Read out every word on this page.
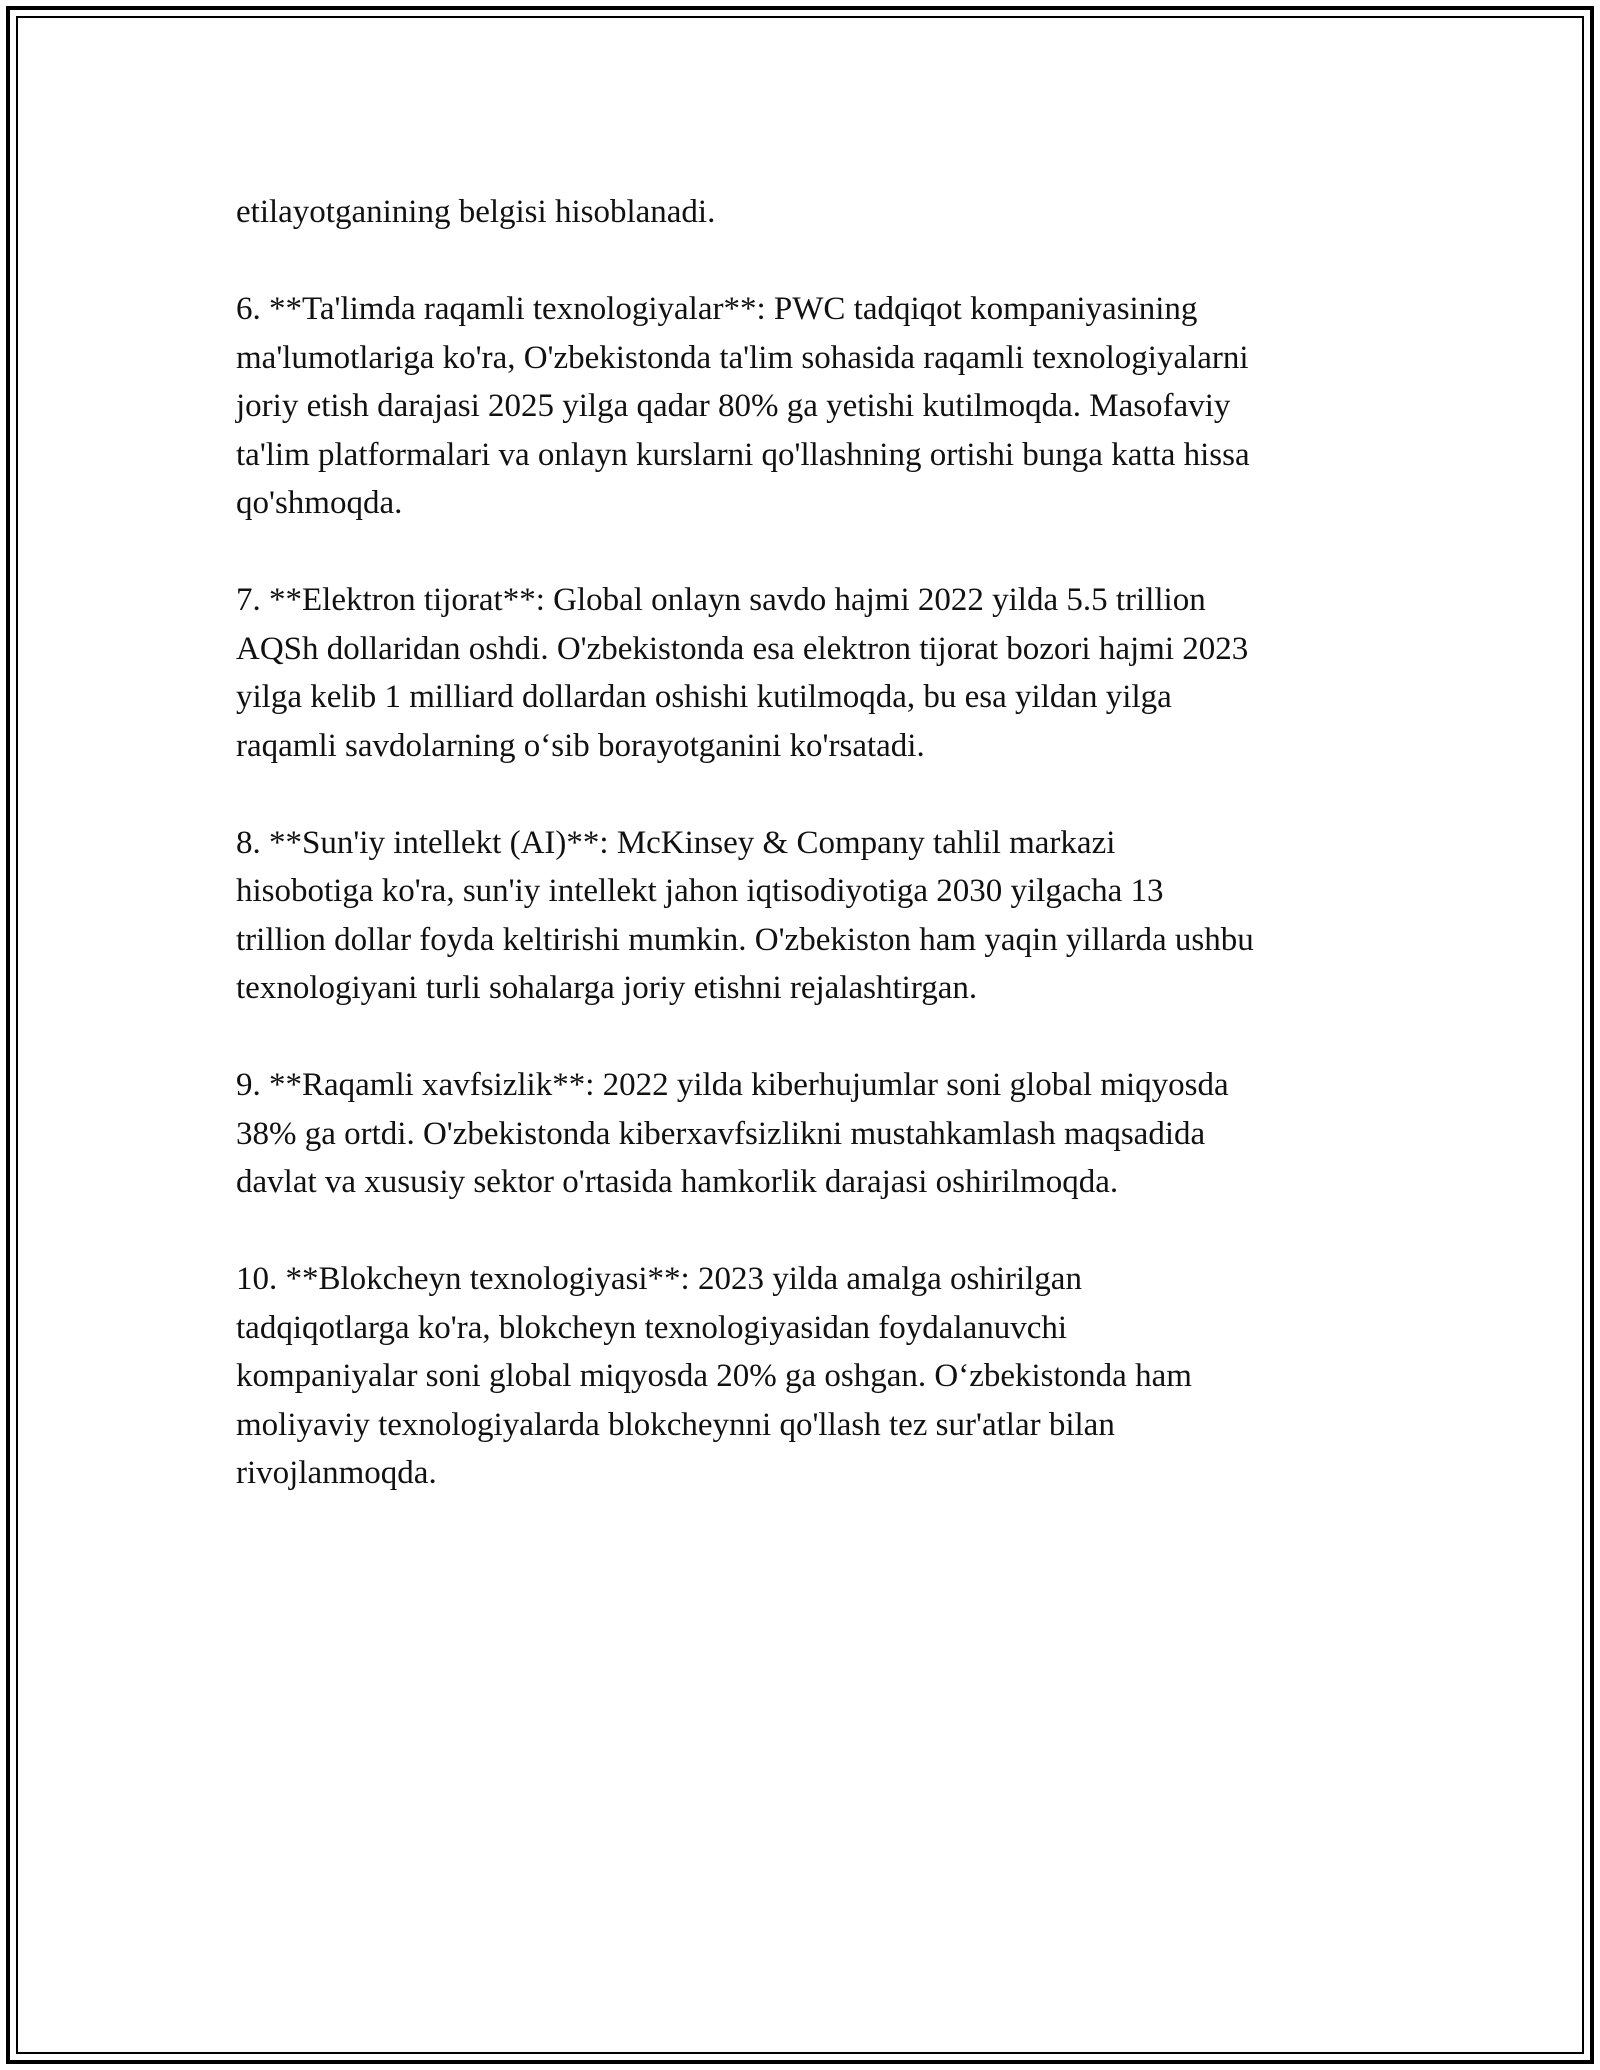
etilayotganining belgisi hisoblanadi.

6. **Ta'limda raqamli texnologiyalar**: PWC tadqiqot kompaniyasining
ma'lumotlariga ko'ra, O'zbekistonda ta'lim sohasida raqamli texnologiyalarni
joriy etish darajasi 2025 yilga qadar 80% ga yetishi kutilmoqda. Masofaviy
ta'lim platformalari va onlayn kurslarni qo'llashning ortishi bunga katta hissa
qo'shmoqda.

7. **Elektron tijorat**: Global onlayn savdo hajmi 2022 yilda 5.5 trillion
AQSh dollaridan oshdi. O'zbekistonda esa elektron tijorat bozori hajmi 2023
yilga kelib 1 milliard dollardan oshishi kutilmoqda, bu esa yildan yilga
raqamli savdolarning o‘sib borayotganini ko'rsatadi.

8. **Sun'iy intellekt (AI)**: McKinsey & Company tahlil markazi
hisobotiga ko'ra, sun'iy intellekt jahon iqtisodiyotiga 2030 yilgacha 13
trillion dollar foyda keltirishi mumkin. O'zbekiston ham yaqin yillarda ushbu
texnologiyani turli sohalarga joriy etishni rejalashtirgan.

9. **Raqamli xavfsizlik**: 2022 yilda kiberhujumlar soni global miqyosda
38% ga ortdi. O'zbekistonda kiberxavfsizlikni mustahkamlash maqsadida
davlat va xususiy sektor o'rtasida hamkorlik darajasi oshirilmoqda.

10. **Blokcheyn texnologiyasi**: 2023 yilda amalga oshirilgan
tadqiqotlarga ko'ra, blokcheyn texnologiyasidan foydalanuvchi
kompaniyalar soni global miqyosda 20% ga oshgan. O‘zbekistonda ham
moliyaviy texnologiyalarda blokcheynni qo'llash tez sur'atlar bilan
rivojlanmoqda.
